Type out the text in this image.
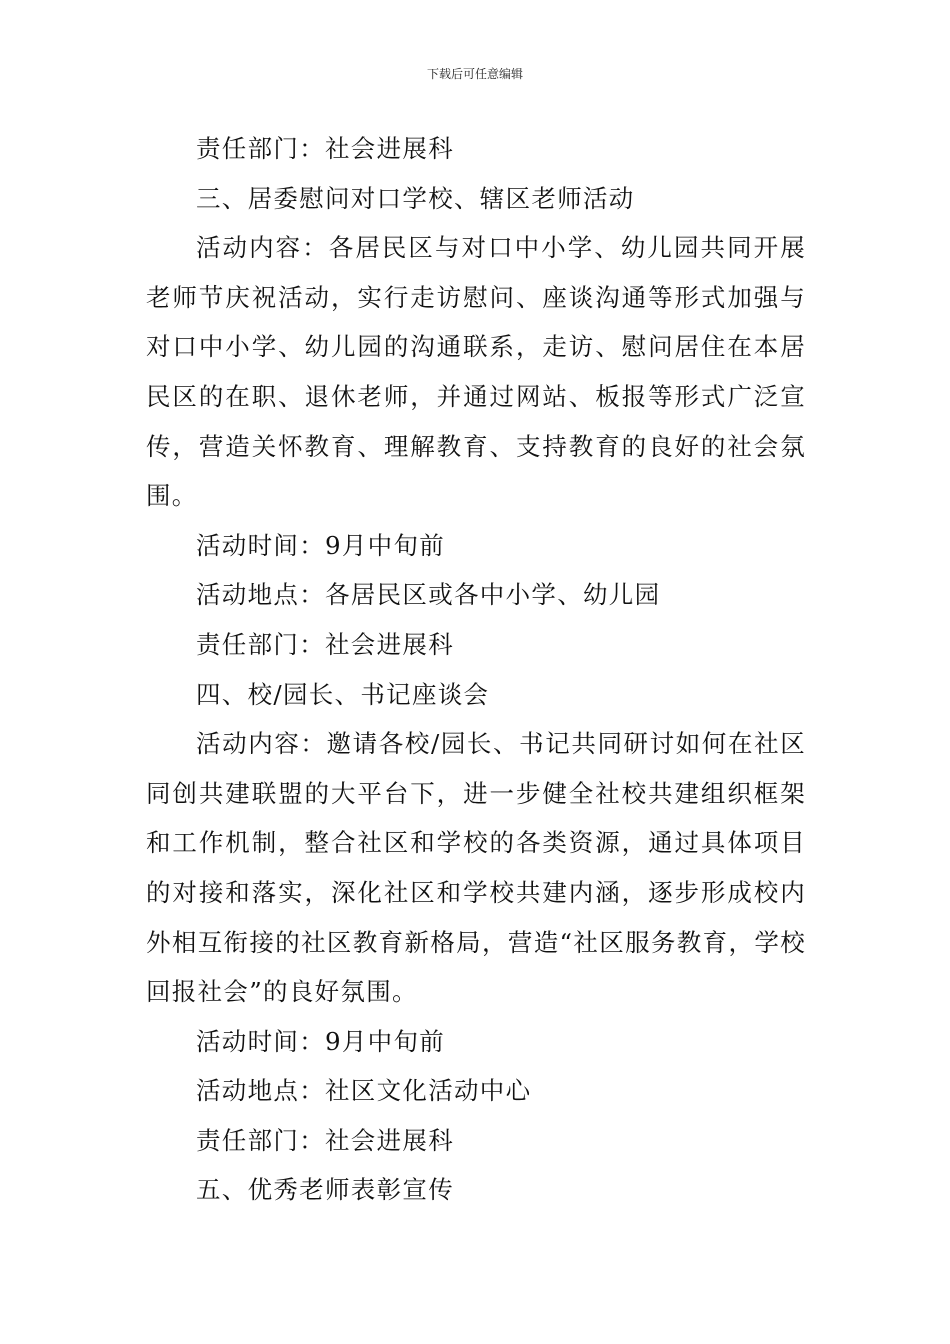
下载后可任意编辑

责任部门：社会进展科

三、居委慰问对口学校、辖区老师活动

活动内容：各居民区与对口中小学、幼儿园共同开展老师节庆祝活动，实行走访慰问、座谈沟通等形式加强与对口中小学、幼儿园的沟通联系，走访、慰问居住在本居民区的在职、退休老师，并通过网站、板报等形式广泛宣传，营造关怀教育、理解教育、支持教育的良好的社会氛围。

活动时间：9月中旬前

活动地点：各居民区或各中小学、幼儿园

责任部门：社会进展科

四、校/园长、书记座谈会

活动内容：邀请各校/园长、书记共同研讨如何在社区同创共建联盟的大平台下，进一步健全社校共建组织框架和工作机制，整合社区和学校的各类资源，通过具体项目的对接和落实，深化社区和学校共建内涵，逐步形成校内外相互衔接的社区教育新格局，营造“社区服务教育，学校回报社会”的良好氛围。

活动时间：9月中旬前

活动地点：社区文化活动中心

责任部门：社会进展科

五、优秀老师表彰宣传
